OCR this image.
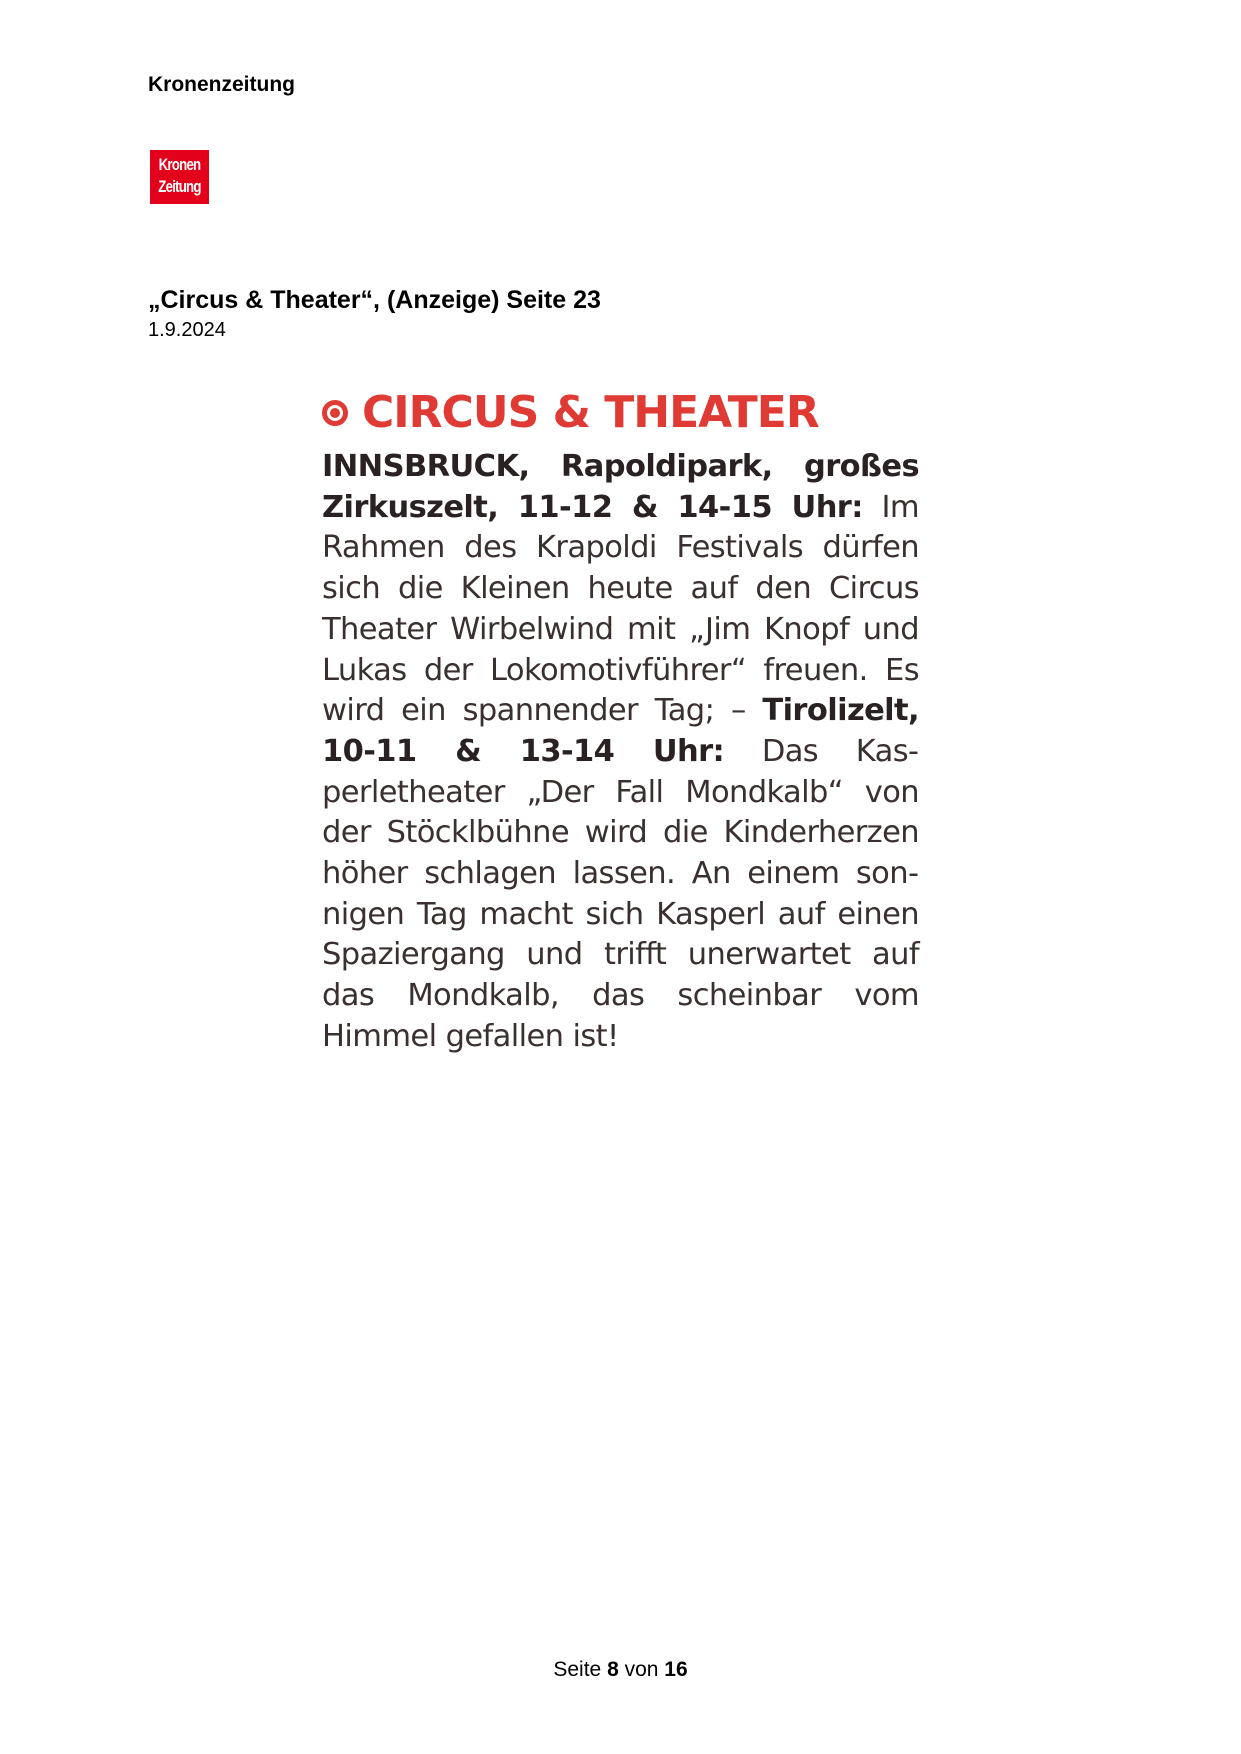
Kronenzeitung
Kronen
Zeitung
„Circus & Theater“, (Anzeige) Seite 23
1.9.2024
CIRCUS & THEATER
INNSBRUCK, Rapoldipark, großes Zirkuszelt, 11-12 & 14-15 Uhr: Im Rahmen des Krapoldi Festivals dürfen sich die Kleinen heute auf den Circus Theater Wirbelwind mit „Jim Knopf und Lukas der Lokomotivführer“ freuen. Es wird ein spannender Tag; – Tirolizelt, 10-11 & 13-14 Uhr: Das Kasperletheater „Der Fall Mondkalb“ von der Stöcklbühne wird die Kinderherzen höher schlagen lassen. An einem sonnigen Tag macht sich Kasperl auf einen Spaziergang und trifft unerwartet auf das Mondkalb, das scheinbar vom Himmel gefallen ist!
Seite 8 von 16
